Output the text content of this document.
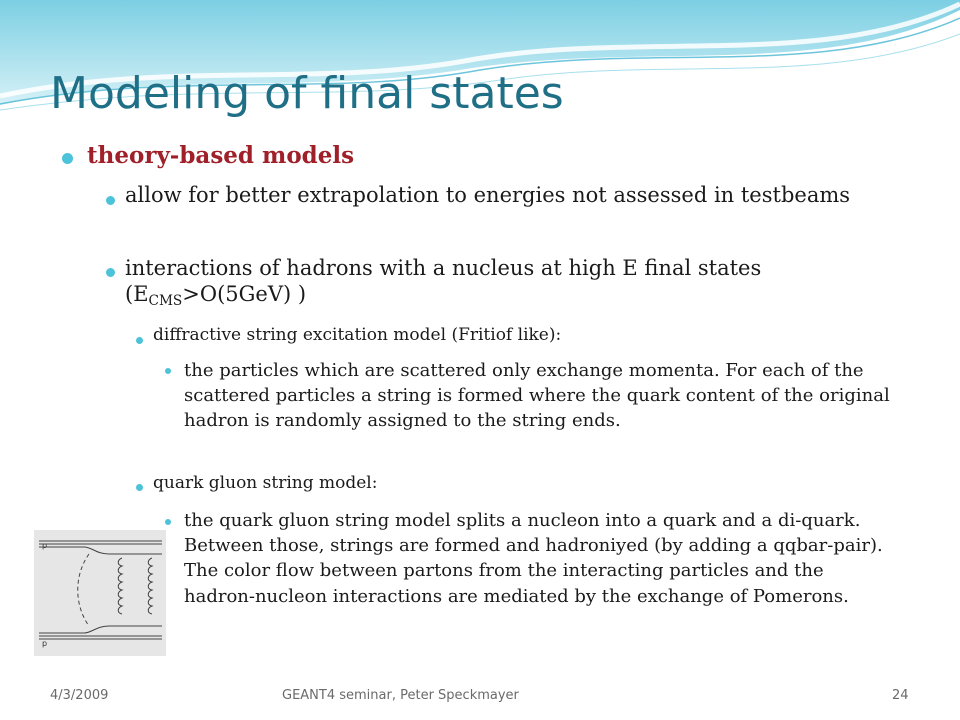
Modeling of final states
theory-based models
allow for better extrapolation to energies not assessed in testbeams
interactions of hadrons with a nucleus at high E final states ($E_{CMS}>O(5GeV)$ )
diffractive string excitation model (Fritiof like):
the particles which are scattered only exchange momenta. For each of the scattered particles a string is formed where the quark content of the original hadron is randomly assigned to the string ends.
quark gluon string model:
the quark gluon string model splits a nucleon into a quark and a di-quark. Between those, strings are formed and hadroniyed (by adding a qqbar-pair). The color flow between partons from the interacting particles and the hadron-nucleon interactions are mediated by the exchange of Pomerons.
p
p
4/3/2009	GEANT4 seminar, Peter Speckmayer	24
